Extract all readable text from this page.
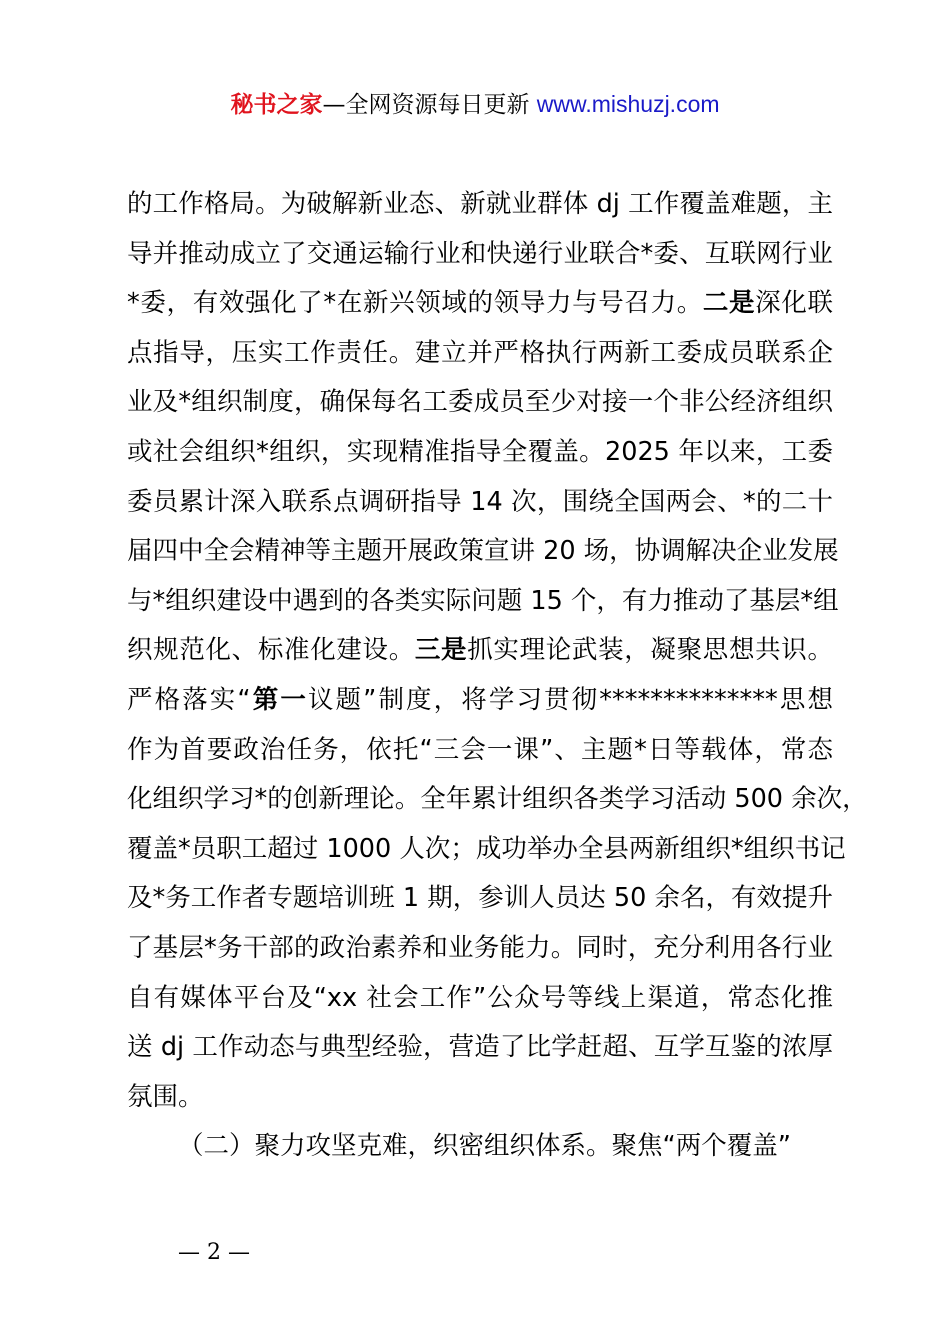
秘书之家—全网资源每日更新 www.mishuzj.com
的工作格局。为破解新业态、新就业群体 dj 工作覆盖难题，主
导并推动成立了交通运输行业和快递行业联合*委、互联网行业
*委，有效强化了*在新兴领域的领导力与号召力。二是深化联
点指导，压实工作责任。建立并严格执行两新工委成员联系企
业及*组织制度，确保每名工委成员至少对接一个非公经济组织
或社会组织*组织，实现精准指导全覆盖。2025 年以来，工委
委员累计深入联系点调研指导 14 次，围绕全国两会、*的二十
届四中全会精神等主题开展政策宣讲 20 场，协调解决企业发展
与*组织建设中遇到的各类实际问题 15 个，有力推动了基层*组
织规范化、标准化建设。三是抓实理论武装，凝聚思想共识。
严格落实“第一议题”制度，将学习贯彻**************思想
作为首要政治任务，依托“三会一课”、主题*日等载体，常态
化组织学习*的创新理论。全年累计组织各类学习活动 500 余次，
覆盖*员职工超过 1000 人次；成功举办全县两新组织*组织书记
及*务工作者专题培训班 1 期，参训人员达 50 余名，有效提升
了基层*务干部的政治素养和业务能力。同时，充分利用各行业
自有媒体平台及“xx 社会工作”公众号等线上渠道，常态化推
送 dj 工作动态与典型经验，营造了比学赶超、互学互鉴的浓厚
氛围。
（二）聚力攻坚克难，织密组织体系。聚焦“两个覆盖”
— 2 —
